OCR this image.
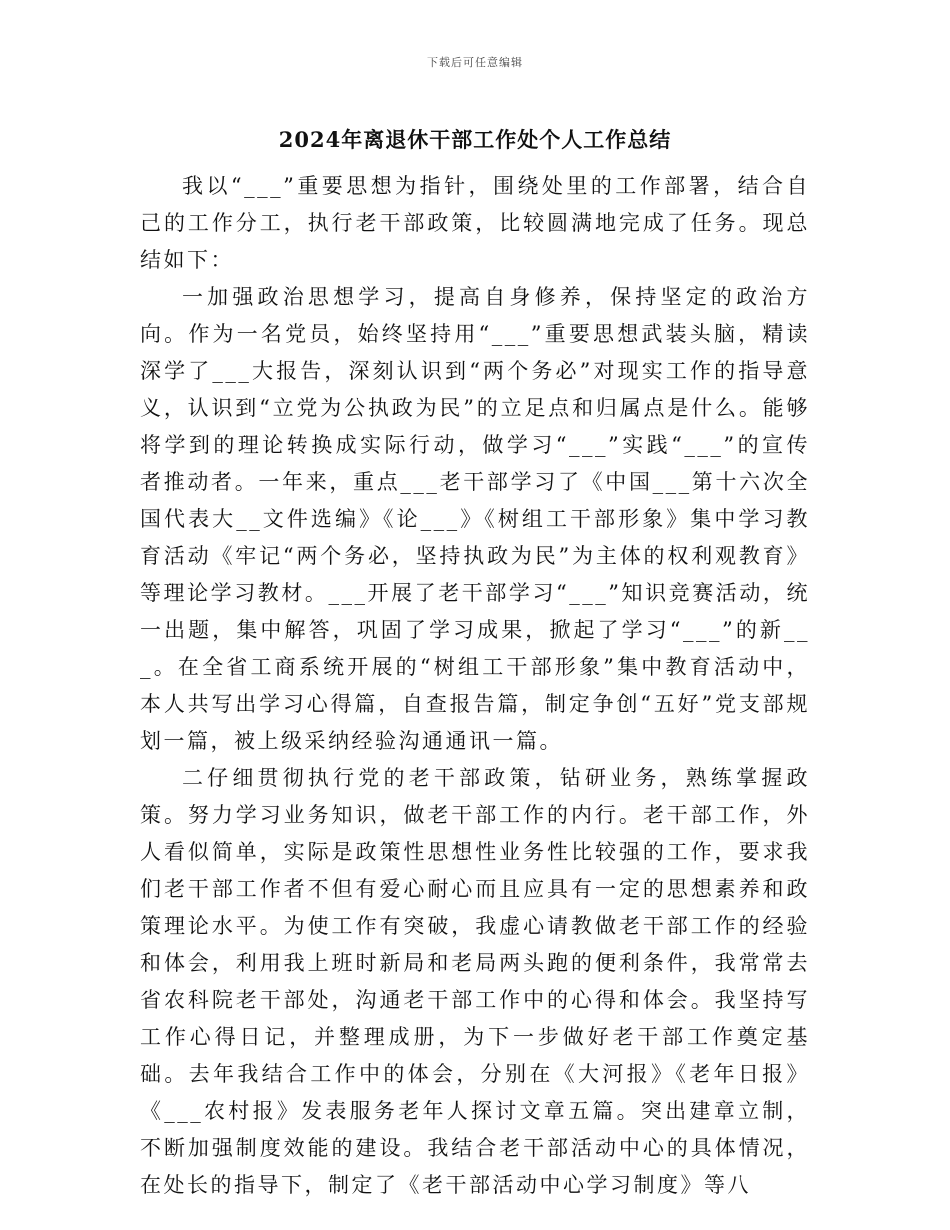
下载后可任意编辑
2024年离退休干部工作处个人工作总结

我以“___”重要思想为指针，围绕处里的工作部署，结合自己的工作分工，执行老干部政策，比较圆满地完成了任务。现总结如下：

一加强政治思想学习，提高自身修养，保持坚定的政治方向。作为一名党员，始终坚持用“___”重要思想武装头脑，精读深学了___大报告，深刻认识到“两个务必”对现实工作的指导意义，认识到“立党为公执政为民”的立足点和归属点是什么。能够将学到的理论转换成实际行动，做学习“___”实践“___”的宣传者推动者。一年来，重点___老干部学习了《中国___第十六次全国代表大__文件选编》《论___》《树组工干部形象》集中学习教育活动《牢记“两个务必，坚持执政为民”为主体的权利观教育》等理论学习教材。___开展了老干部学习“___”知识竞赛活动，统一出题，集中解答，巩固了学习成果，掀起了学习“___”的新___。在全省工商系统开展的“树组工干部形象”集中教育活动中，本人共写出学习心得篇，自查报告篇，制定争创“五好”党支部规划一篇，被上级采纳经验沟通通讯一篇。

二仔细贯彻执行党的老干部政策，钻研业务，熟练掌握政策。努力学习业务知识，做老干部工作的内行。老干部工作，外人看似简单，实际是政策性思想性业务性比较强的工作，要求我们老干部工作者不但有爱心耐心而且应具有一定的思想素养和政策理论水平。为使工作有突破，我虚心请教做老干部工作的经验和体会，利用我上班时新局和老局两头跑的便利条件，我常常去省农科院老干部处，沟通老干部工作中的心得和体会。我坚持写工作心得日记，并整理成册，为下一步做好老干部工作奠定基础。去年我结合工作中的体会，分别在《大河报》《老年日报》《___农村报》发表服务老年人探讨文章五篇。突出建章立制，不断加强制度效能的建设。我结合老干部活动中心的具体情况，在处长的指导下，制定了《老干部活动中心学习制度》等八
